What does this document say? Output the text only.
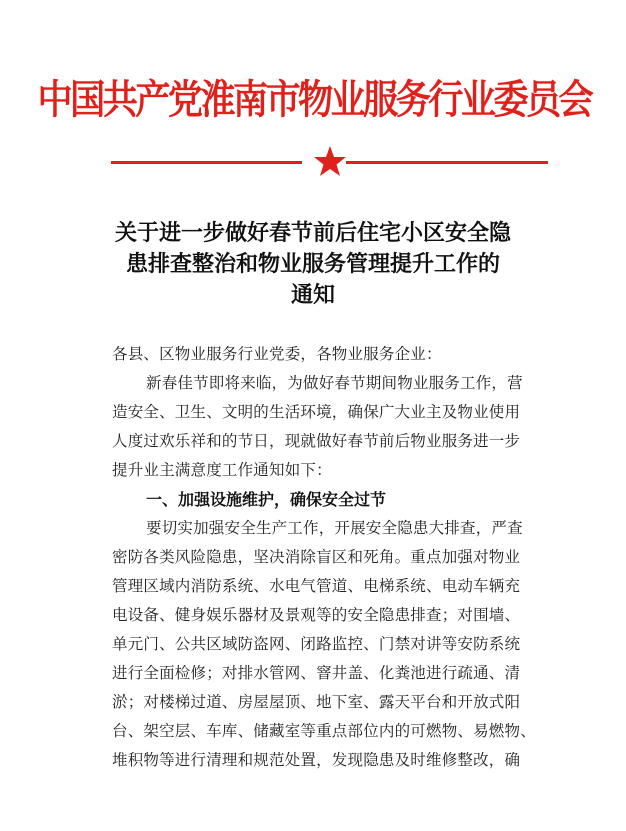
中国共产党淮南市物业服务行业委员会
关于进一步做好春节前后住宅小区安全隐
患排查整治和物业服务管理提升工作的
通知
各县、区物业服务行业党委，各物业服务企业：
新春佳节即将来临，为做好春节期间物业服务工作，营
造安全、卫生、文明的生活环境，确保广大业主及物业使用
人度过欢乐祥和的节日，现就做好春节前后物业服务进一步
提升业主满意度工作通知如下：
一、加强设施维护，确保安全过节
要切实加强安全生产工作，开展安全隐患大排查，严查
密防各类风险隐患，坚决消除盲区和死角。重点加强对物业
管理区域内消防系统、水电气管道、电梯系统、电动车辆充
电设备、健身娱乐器材及景观等的安全隐患排查；对围墙、
单元门、公共区域防盗网、闭路监控、门禁对讲等安防系统
进行全面检修；对排水管网、窨井盖、化粪池进行疏通、清
淤；对楼梯过道、房屋屋顶、地下室、露天平台和开放式阳
台、架空层、车库、储藏室等重点部位内的可燃物、易燃物、
堆积物等进行清理和规范处置，发现隐患及时维修整改，确
